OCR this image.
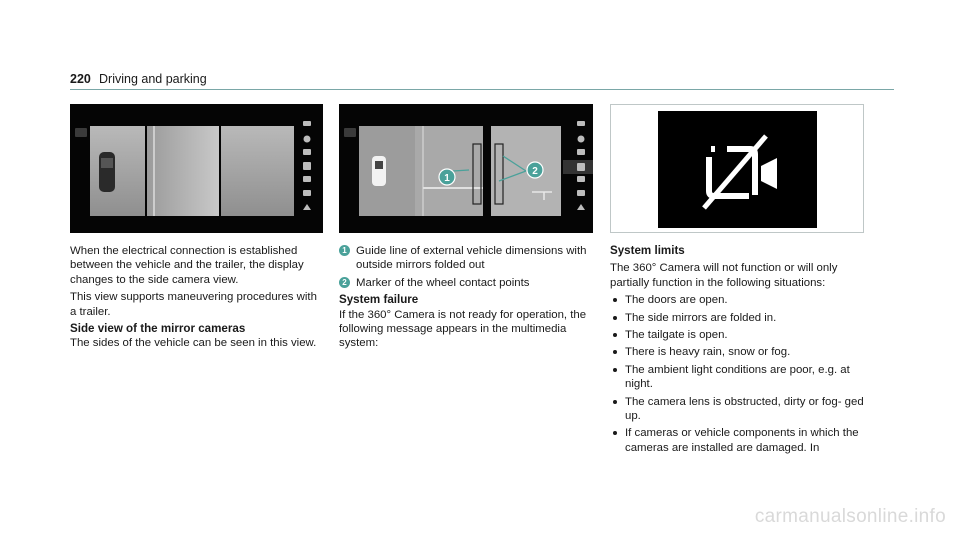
220 Driving and parking
1
2

When the electrical connection is established between the vehicle and the trailer, the display changes to the side camera view.

This view supports maneuvering procedures with a trailer.

Side view of the mirror cameras

The sides of the vehicle can be seen in this view.

1 Guide line of external vehicle dimensions with outside mirrors folded out
2 Marker of the wheel contact points
System failure

If the 360° Camera is not ready for operation, the following message appears in the multimedia system:

System limits

The 360° Camera will not function or will only partially function in the following situations:

The doors are open.
The side mirrors are folded in.
The tailgate is open.
There is heavy rain, snow or fog.
The ambient light conditions are poor, e.g. at night.
The camera lens is obstructed, dirty or fog- ged up.
If cameras or vehicle components in which the cameras are installed are damaged. In
carmanualsonline.info
